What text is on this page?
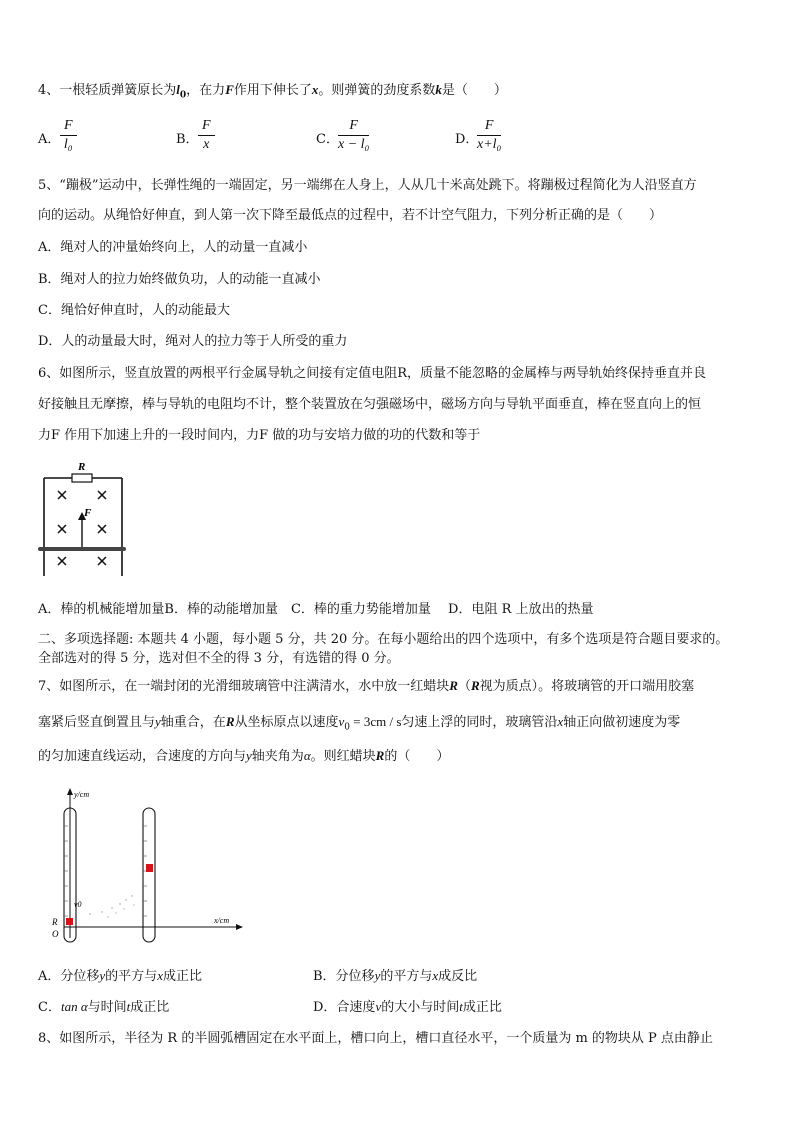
4、一根轻质弹簧原长为$l_0$，在力F作用下伸长了x。则弹簧的劲度系数k是（　　）
A． $\frac{F}{\text{l₀}}$	B． $\frac{F}{x}$	C． $\frac{F}{\text{x − l₀}}$	D．
$\frac{F}{\text{x+l₀}}$
5、“蹦极”运动中，长弹性绳的一端固定，另一端绑在人身上，人从几十米高处跳下。将蹦极过程简化为人沿竖直方
向的运动。从绳恰好伸直，到人第一次下降至最低点的过程中，若不计空气阻力，下列分析正确的是（　　）
A．绳对人的冲量始终向上，人的动量一直减小
B．绳对人的拉力始终做负功，人的动能一直减小
C．绳恰好伸直时，人的动能最大
D．人的动量最大时，绳对人的拉力等于人所受的重力
6、如图所示，竖直放置的两根平行金属导轨之间接有定值电阻R，质量不能忽略的金属棒与两导轨始终保持垂直并良
好接触且无摩擦，棒与导轨的电阻均不计，整个装置放在匀强磁场中，磁场方向与导轨平面垂直，棒在竖直向上的恒
力F 作用下加速上升的一段时间内，力F 做的功与安培力做的功的代数和等于
R
F
A．棒的机械能增加量B．棒的动能增加量　C．棒的重力势能增加量　 D．电阻 R 上放出的热量
二、多项选择题: 本题共 4 小题，每小题 5 分，共 20 分。在每小题给出的四个选项中，有多个选项是符合题目要求的。
全部选对的得 5 分，选对但不全的得 3 分，有选错的得 0 分。
7、如图所示，在一端封闭的光滑细玻璃管中注满清水，水中放一红蜡块R（R视为质点）。将玻璃管的开口端用胶塞
塞紧后竖直倒置且与y轴重合，在R从坐标原点以速度$v_0 = 3cm / s$匀速上浮的同时，玻璃管沿x轴正向做初速度为零
的匀加速直线运动，合速度的方向与y轴夹角为α。则红蜡块R的（　　）
y/cm
x/cm
v0
R
O
A．分位移y的平方与x成正比	B．分位移y的平方与x成反比
C．tan α与时间t成正比	D．合速度v的大小与时间t成正比
8、如图所示，半径为 R 的半圆弧槽固定在水平面上，槽口向上，槽口直径水平，一个质量为 m 的物块从 P 点由静止
